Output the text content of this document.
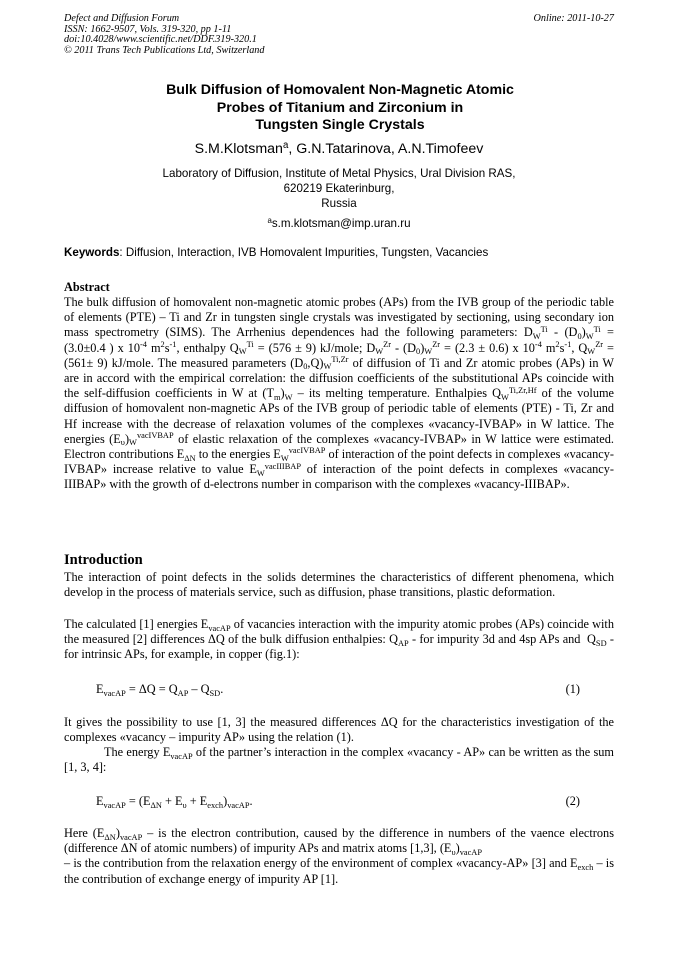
Defect and Diffusion Forum
ISSN: 1662-9507, Vols. 319-320, pp 1-11
doi:10.4028/www.scientific.net/DDF.319-320.1
© 2011 Trans Tech Publications Ltd, Switzerland
Online: 2011-10-27
Bulk Diffusion of Homovalent Non-Magnetic Atomic
Probes of Titanium and Zirconium in
Tungsten Single Crystals
S.M.Klotsman$^a$, G.N.Tatarinova, A.N.Timofeev
Laboratory of Diffusion, Institute of Metal Physics, Ural Division RAS,
620219 Ekaterinburg,
Russia
$^a$s.m.klotsman@imp.uran.ru
Keywords: Diffusion, Interaction, IVB Homovalent Impurities, Tungsten, Vacancies
Abstract
The bulk diffusion of homovalent non-magnetic atomic probes (APs) from the IVB group of the periodic table of elements (PTE) – Ti and Zr in tungsten single crystals was investigated by sectioning, using secondary ion mass spectrometry (SIMS). The Arrhenius dependences had the following parameters: $D_W^{Ti} - (D_0)_W^{Ti} = (3.0\pm 0.4$ ) x $10^{-4}$ $m^2s^{-1}$, enthalpy $Q_W^{Ti} = (576 \pm 9)$ kJ/mole; $D_W^{Zr} - (D_0)_W^{Zr} = (2.3 \pm 0.6)$ x $10^{-4}$ $m^2s^{-1}$, $Q_W^{Zr} = (561\pm 9)$ kJ/mole. The measured parameters $(D_0,Q)_W^{Ti,Zr}$ of diffusion of Ti and Zr atomic probes (APs) in W are in accord with the empirical correlation: the diffusion coefficients of the substitutional APs coincide with the self-diffusion coefficients in W at $(T_m)_W$ – its melting temperature. Enthalpies $Q_W^{Ti,Zr,Hf}$ of the volume diffusion of homovalent non-magnetic APs of the IVB group of periodic table of elements (PTE) - Ti, Zr and Hf increase with the decrease of relaxation volumes of the complexes «vacancy-IVBAP» in W lattice. The energies $(E_\upsilon)_W^{vacIVBAP}$ of elastic relaxation of the complexes «vacancy-IVBAP» in W lattice were estimated. Electron contributions $E_{\Delta N}$ to the energies $E_W^{vacIVBAP}$ of interaction of the point defects in complexes «vacancy-IVBAP» increase relative to value $E_W^{vacIIIBAP}$ of interaction of the point defects in complexes «vacancy-IIIBAP» with the growth of d-electrons number in comparison with the complexes «vacancy-IIIBAP».
Introduction
The interaction of point defects in the solids determines the characteristics of different phenomena, which develop in the process of materials service, such as diffusion, phase transitions, plastic deformation.
The calculated [1] energies $E_{vacAP}$ of vacancies interaction with the impurity atomic probes (APs) coincide with the measured [2] differences ΔQ of the bulk diffusion enthalpies: $Q_{AP}$ - for impurity 3d and 4sp APs and  $Q_{SD}$ - for intrinsic APs, for example, in copper (fig.1):
$E_{vacAP} = \Delta Q = Q_{AP} - Q_{SD}$.	(1)
It gives the possibility to use [1, 3] the measured differences ΔQ for the characteristics investigation of the complexes «vacancy – impurity AP» using the relation (1).
The energy $E_{vacAP}$ of the partner’s interaction in the complex «vacancy - AP» can be written as the sum [1, 3, 4]:
$E_{vacAP} = (E_{\Delta N} + E_\upsilon + E_{exch})_{vacAP}$.	(2)
Here $(E_{\Delta N})_{vacAP}$ – is the electron contribution, caused by the difference in numbers of the vaence electrons (difference ΔN of atomic numbers) of impurity APs and matrix atoms [1,3], $(E_\upsilon)_{vacAP}$
– is the contribution from the relaxation energy of the environment of complex «vacancy-AP» [3] and $E_{exch}$ – is the contribution of exchange energy of impurity AP [1].
